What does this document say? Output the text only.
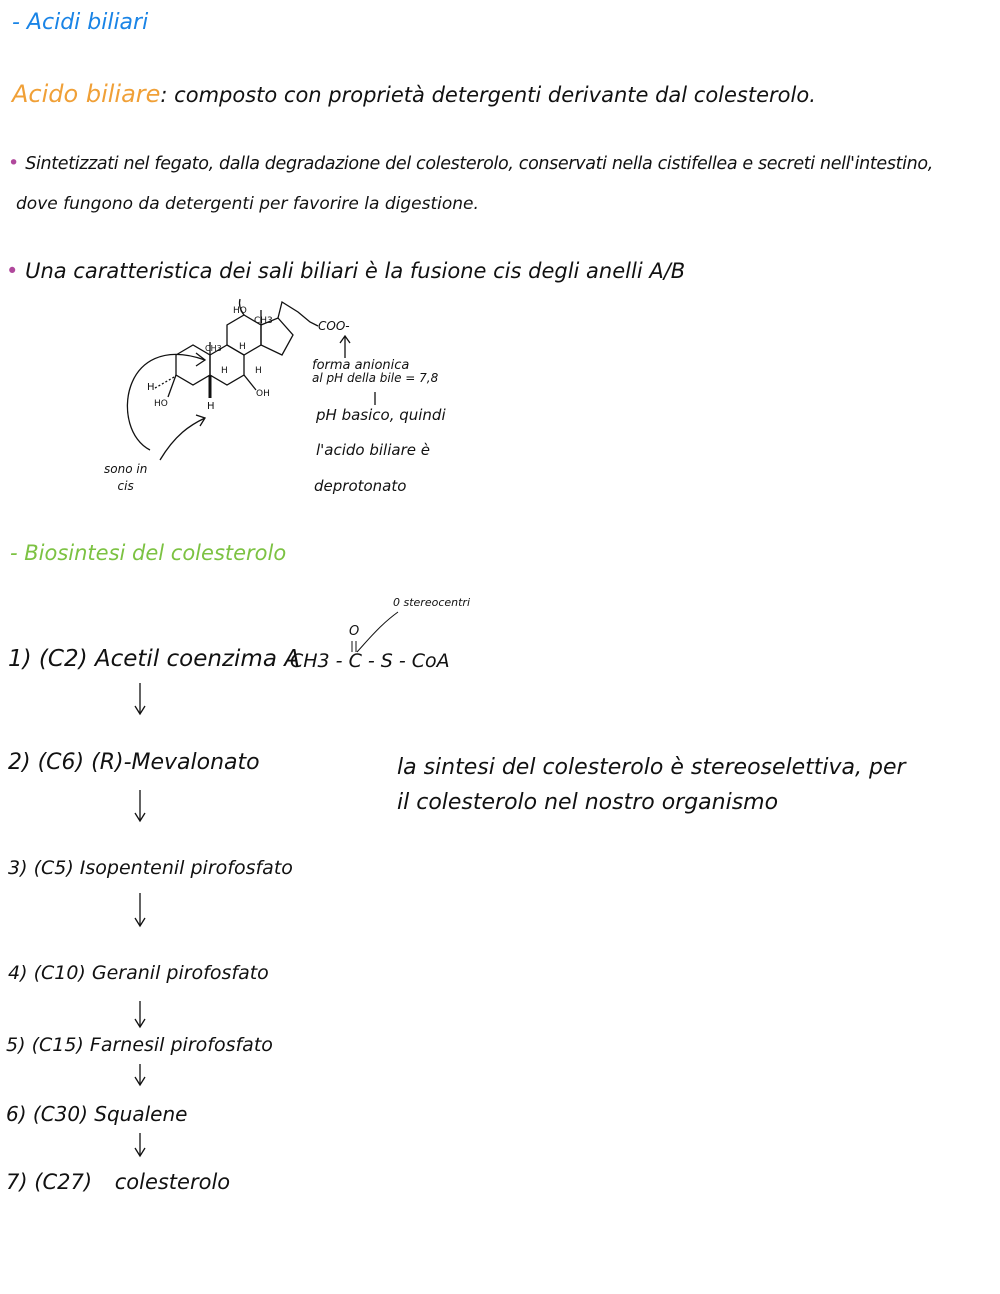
- Acidi biliari
Acido biliare: composto con proprietà detergenti derivante dal colesterolo.
• Sintetizzati nel fegato, dalla degradazione del colesterolo, conservati nella cistifellea e secreti nell'intestino,
dove fungono da detergenti per favorire la digestione.
• Una caratteristica dei sali biliari è la fusione cis degli anelli A/B
HO
CH3
CH3
COO-
H
HO	H
H
H
H
OH
forma anionica
al pH della bile = 7,8
pH basico, quindi
l'acido biliare è
deprotonato
sono in
cis
- Biosintesi del colesterolo
0 stereocentri
1) (C2) Acetil coenzima A
O
CH3 - C - S - CoA
2) (C6) (R)-Mevalonato	la sintesi del colesterolo è stereoselettiva, per
il colesterolo nel nostro organismo
3) (C5) Isopentenil pirofosfato
4) (C10) Geranil pirofosfato
5) (C15) Farnesil pirofosfato
6) (C30) Squalene
7) (C27) colesterolo
